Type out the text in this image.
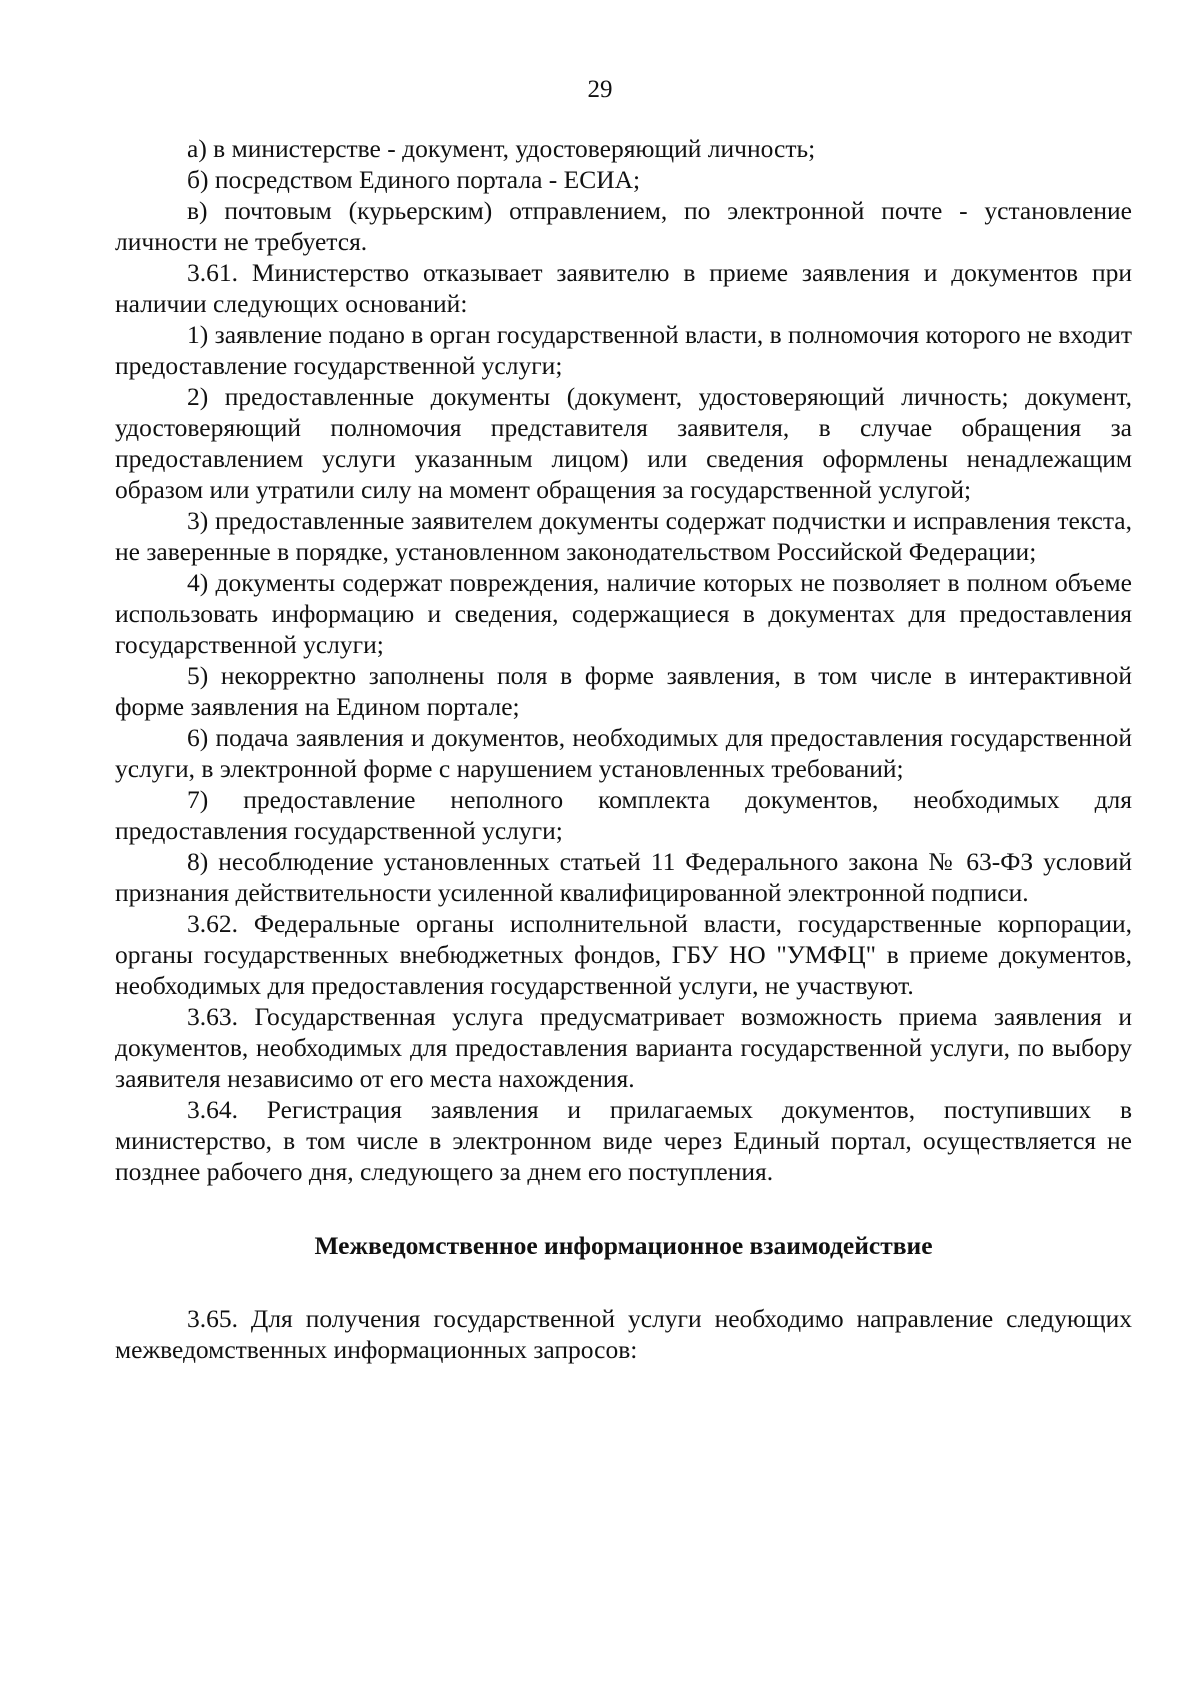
29

а) в министерстве - документ, удостоверяющий личность;

б) посредством Единого портала - ЕСИА;

в) почтовым (курьерским) отправлением, по электронной почте - установление личности не требуется.

3.61. Министерство отказывает заявителю в приеме заявления и документов при наличии следующих оснований:

1) заявление подано в орган государственной власти, в полномочия которого не входит предоставление государственной услуги;

2) предоставленные документы (документ, удостоверяющий личность; документ, удостоверяющий полномочия представителя заявителя, в случае обращения за предоставлением услуги указанным лицом) или сведения оформлены ненадлежащим образом или утратили силу на момент обращения за государственной услугой;

3) предоставленные заявителем документы содержат подчистки и исправления текста, не заверенные в порядке, установленном законодательством Российской Федерации;

4) документы содержат повреждения, наличие которых не позволяет в полном объеме использовать информацию и сведения, содержащиеся в документах для предоставления государственной услуги;

5) некорректно заполнены поля в форме заявления, в том числе в интерактивной форме заявления на Едином портале;

6) подача заявления и документов, необходимых для предоставления государственной услуги, в электронной форме с нарушением установленных требований;

7) предоставление неполного комплекта документов, необходимых для предоставления государственной услуги;

8) несоблюдение установленных статьей 11 Федерального закона № 63-ФЗ условий признания действительности усиленной квалифицированной электронной подписи.

3.62. Федеральные органы исполнительной власти, государственные корпорации, органы государственных внебюджетных фондов, ГБУ НО "УМФЦ" в приеме документов, необходимых для предоставления государственной услуги, не участвуют.

3.63. Государственная услуга предусматривает возможность приема заявления и документов, необходимых для предоставления варианта государственной услуги, по выбору заявителя независимо от его места нахождения.

3.64. Регистрация заявления и прилагаемых документов, поступивших в министерство, в том числе в электронном виде через Единый портал, осуществляется не позднее рабочего дня, следующего за днем его поступления.

Межведомственное информационное взаимодействие

3.65. Для получения государственной услуги необходимо направление следующих межведомственных информационных запросов:
